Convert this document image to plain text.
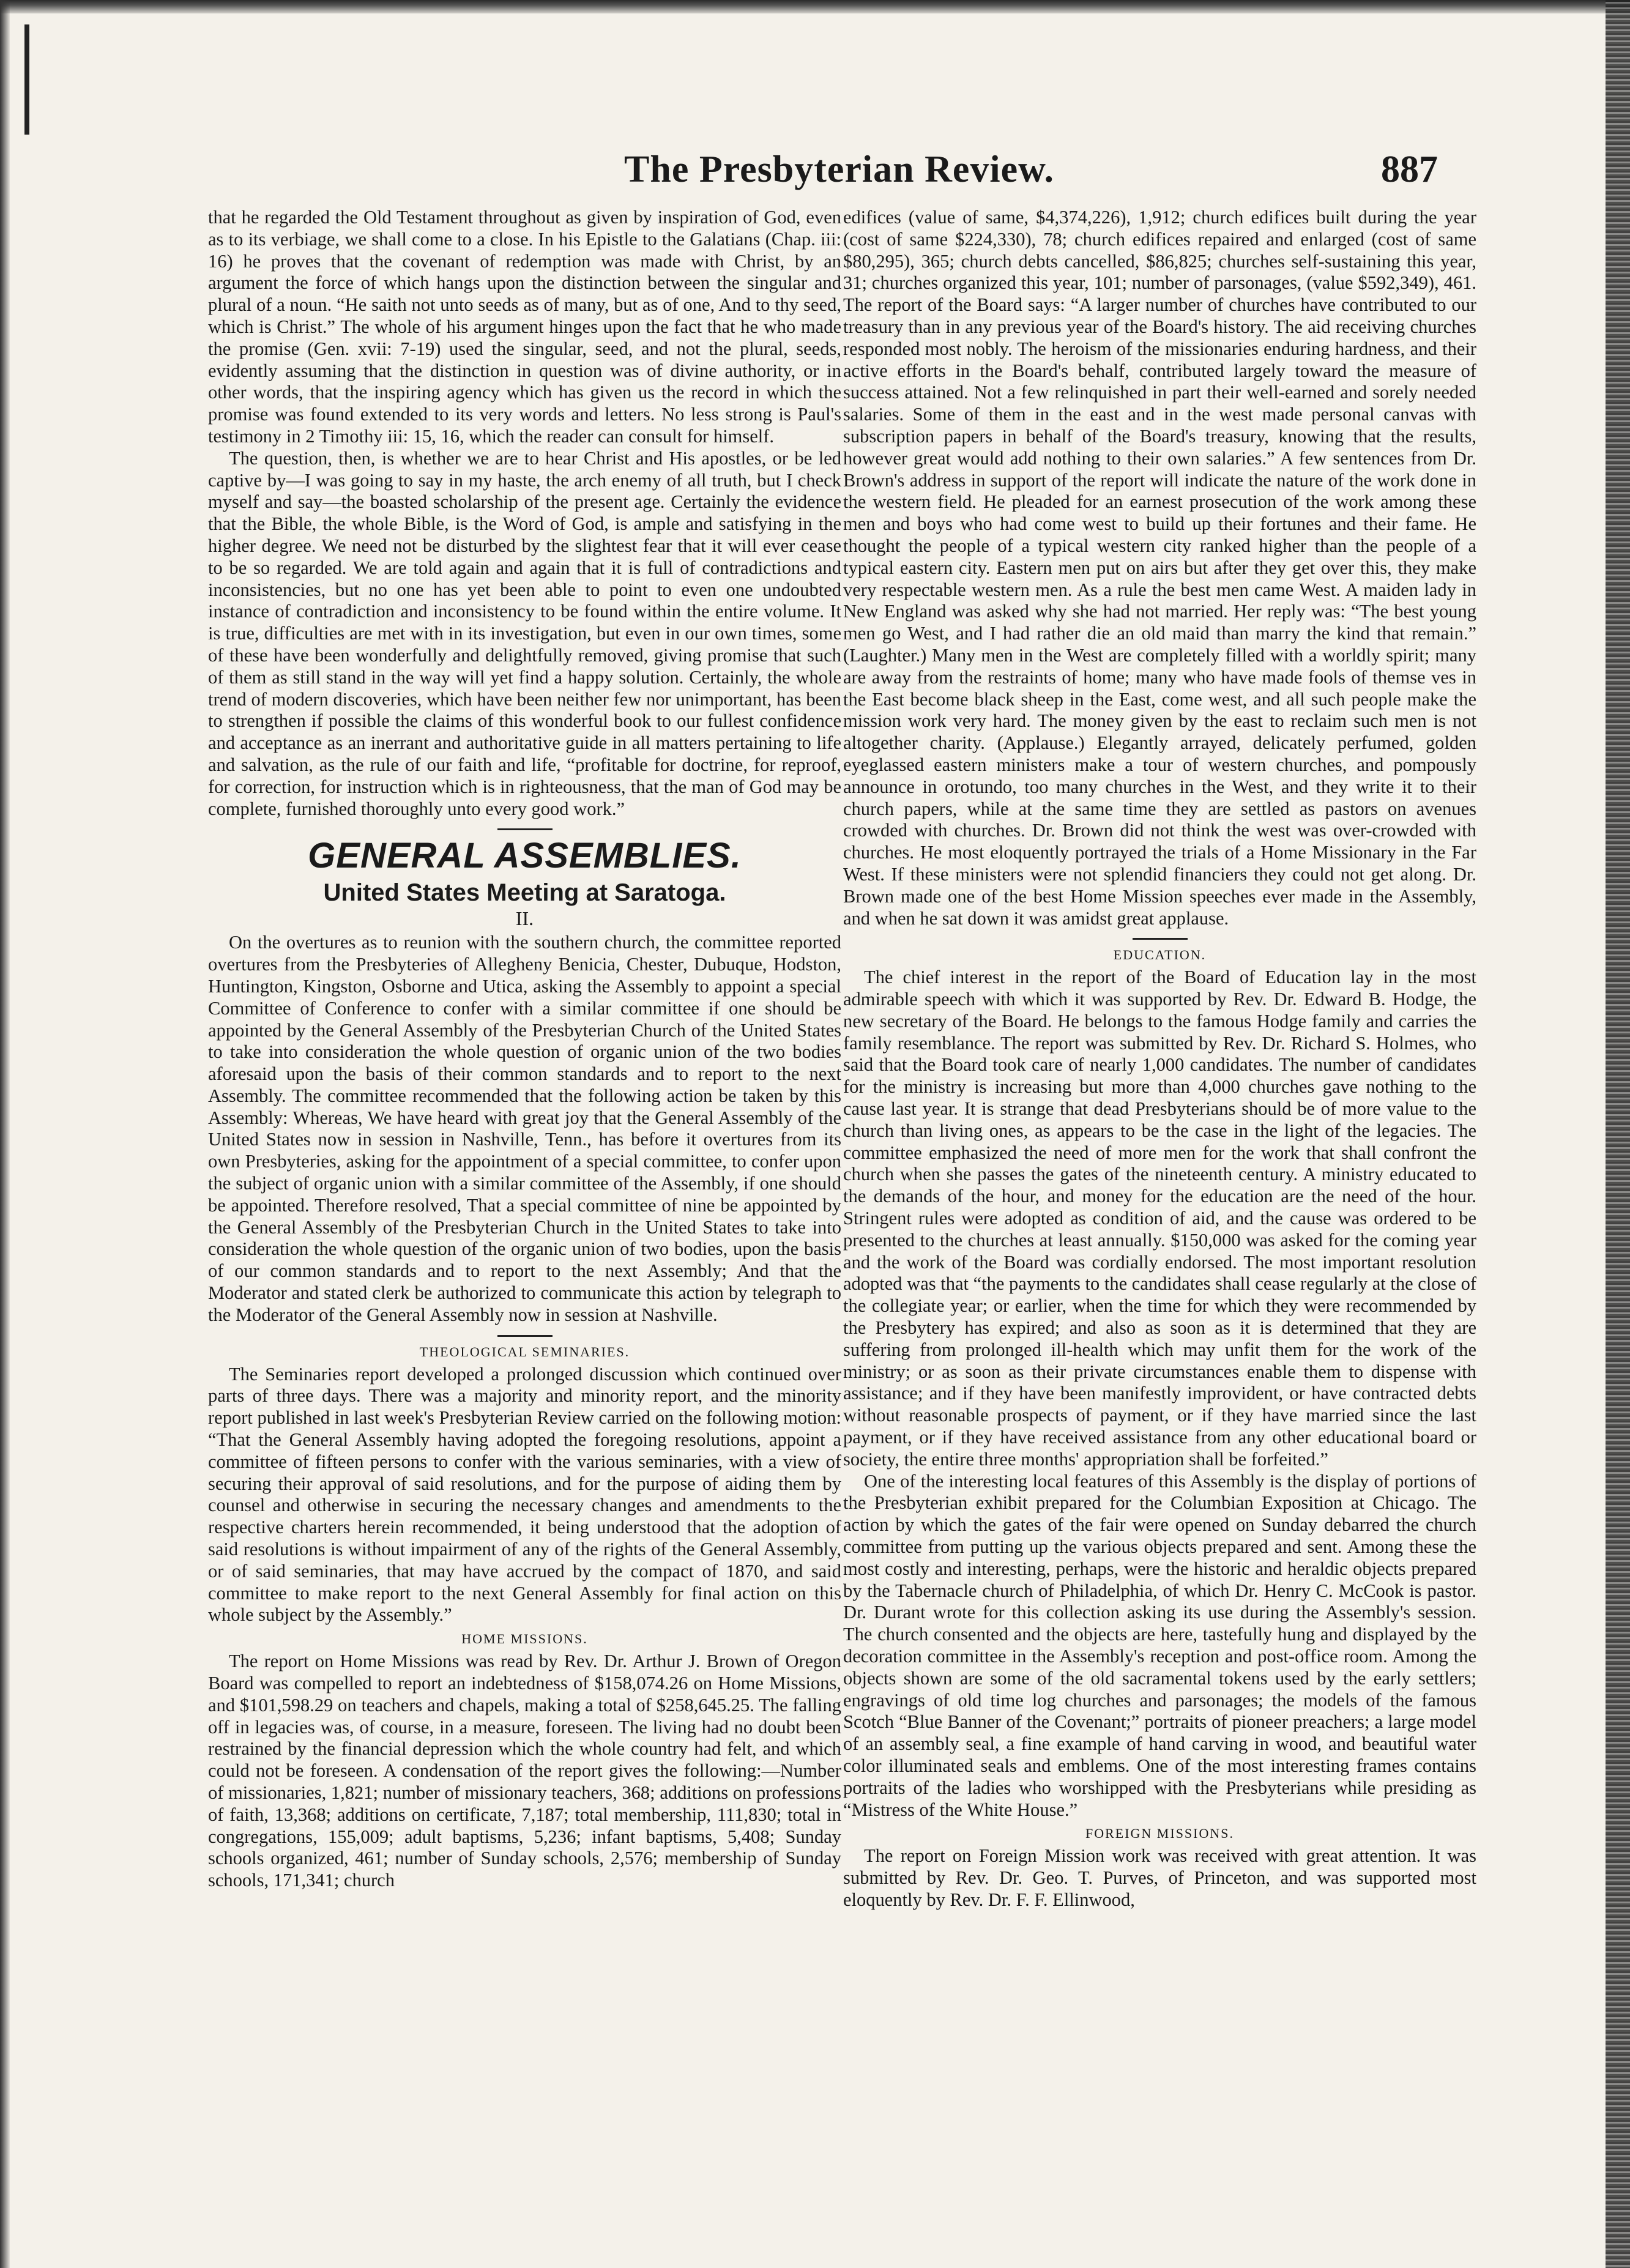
The Presbyterian Review.	887

that he regarded the Old Testament throughout as given by inspiration of God, even as to its verbiage, we shall come to a close. In his Epistle to the Galatians (Chap. iii: 16) he proves that the covenant of redemption was made with Christ, by an argument the force of which hangs upon the distinction between the singular and plural of a noun. “He saith not unto seeds as of many, but as of one, And to thy seed, which is Christ.” The whole of his argument hinges upon the fact that he who made the promise (Gen. xvii: 7-19) used the singular, seed, and not the plural, seeds, evidently assuming that the distinction in question was of divine authority, or in other words, that the inspiring agency which has given us the record in which the promise was found extended to its very words and letters. No less strong is Paul's testimony in 2 Timothy iii: 15, 16, which the reader can consult for himself.

The question, then, is whether we are to hear Christ and His apostles, or be led captive by—I was going to say in my haste, the arch enemy of all truth, but I check myself and say—the boasted scholarship of the present age. Certainly the evidence that the Bible, the whole Bible, is the Word of God, is ample and satisfying in the higher degree. We need not be disturbed by the slightest fear that it will ever cease to be so regarded. We are told again and again that it is full of contradictions and inconsistencies, but no one has yet been able to point to even one undoubted instance of contradiction and inconsistency to be found within the entire volume. It is true, difficulties are met with in its investigation, but even in our own times, some of these have been wonderfully and delightfully removed, giving promise that such of them as still stand in the way will yet find a happy solution. Certainly, the whole trend of modern discoveries, which have been neither few nor unimportant, has been to strengthen if possible the claims of this wonderful book to our fullest confidence and acceptance as an inerrant and authoritative guide in all matters pertaining to life and salvation, as the rule of our faith and life, “profitable for doctrine, for reproof, for correction, for instruction which is in righteousness, that the man of God may be complete, furnished thoroughly unto every good work.”

GENERAL ASSEMBLIES.
United States Meeting at Saratoga.
II.

On the overtures as to reunion with the southern church, the committee reported overtures from the Presbyteries of Allegheny Benicia, Chester, Dubuque, Hodston, Huntington, Kingston, Osborne and Utica, asking the Assembly to appoint a special Committee of Conference to confer with a similar committee if one should be appointed by the General Assembly of the Presbyterian Church of the United States to take into consideration the whole question of organic union of the two bodies aforesaid upon the basis of their common standards and to report to the next Assembly. The committee recommended that the following action be taken by this Assembly: Whereas, We have heard with great joy that the General Assembly of the United States now in session in Nashville, Tenn., has before it overtures from its own Presbyteries, asking for the appointment of a special committee, to confer upon the subject of organic union with a similar committee of the Assembly, if one should be appointed. Therefore resolved, That a special committee of nine be appointed by the General Assembly of the Presbyterian Church in the United States to take into consideration the whole question of the organic union of two bodies, upon the basis of our common standards and to report to the next Assembly; And that the Moderator and stated clerk be authorized to communicate this action by telegraph to the Moderator of the General Assembly now in session at Nashville.

THEOLOGICAL SEMINARIES.

The Seminaries report developed a prolonged discussion which continued over parts of three days. There was a majority and minority report, and the minority report published in last week's Presbyterian Review carried on the following motion: “That the General Assembly having adopted the foregoing resolutions, appoint a committee of fifteen persons to confer with the various seminaries, with a view of securing their approval of said resolutions, and for the purpose of aiding them by counsel and otherwise in securing the necessary changes and amendments to the respective charters herein recommended, it being understood that the adoption of said resolutions is without impairment of any of the rights of the General Assembly, or of said seminaries, that may have accrued by the compact of 1870, and said committee to make report to the next General Assembly for final action on this whole subject by the Assembly.”

HOME MISSIONS.

The report on Home Missions was read by Rev. Dr. Arthur J. Brown of Oregon Board was compelled to report an indebtedness of $158,074.26 on Home Missions, and $101,598.29 on teachers and chapels, making a total of $258,645.25. The falling off in legacies was, of course, in a measure, foreseen. The living had no doubt been restrained by the financial depression which the whole country had felt, and which could not be foreseen. A condensation of the report gives the following:—Number of missionaries, 1,821; number of missionary teachers, 368; additions on professions of faith, 13,368; additions on certificate, 7,187; total membership, 111,830; total in congregations, 155,009; adult baptisms, 5,236; infant baptisms, 5,408; Sunday schools organized, 461; number of Sunday schools, 2,576; membership of Sunday schools, 171,341; church

edifices (value of same, $4,374,226), 1,912; church edifices built during the year (cost of same $224,330), 78; church edifices repaired and enlarged (cost of same $80,295), 365; church debts cancelled, $86,825; churches self-sustaining this year, 31; churches organized this year, 101; number of parsonages, (value $592,349), 461. The report of the Board says: “A larger number of churches have contributed to our treasury than in any previous year of the Board's history. The aid receiving churches responded most nobly. The heroism of the missionaries enduring hardness, and their active efforts in the Board's behalf, contributed largely toward the measure of success attained. Not a few relinquished in part their well-earned and sorely needed salaries. Some of them in the east and in the west made personal canvas with subscription papers in behalf of the Board's treasury, knowing that the results, however great would add nothing to their own salaries.” A few sentences from Dr. Brown's address in support of the report will indicate the nature of the work done in the western field. He pleaded for an earnest prosecution of the work among these men and boys who had come west to build up their fortunes and their fame. He thought the people of a typical western city ranked higher than the people of a typical eastern city. Eastern men put on airs but after they get over this, they make very respectable western men. As a rule the best men came West. A maiden lady in New England was asked why she had not married. Her reply was: “The best young men go West, and I had rather die an old maid than marry the kind that remain.” (Laughter.) Many men in the West are completely filled with a worldly spirit; many are away from the restraints of home; many who have made fools of themse ves in the East become black sheep in the East, come west, and all such people make the mission work very hard. The money given by the east to reclaim such men is not altogether charity. (Applause.) Elegantly arrayed, delicately perfumed, golden eyeglassed eastern ministers make a tour of western churches, and pompously announce in orotundo, too many churches in the West, and they write it to their church papers, while at the same time they are settled as pastors on avenues crowded with churches. Dr. Brown did not think the west was over-crowded with churches. He most eloquently portrayed the trials of a Home Missionary in the Far West. If these ministers were not splendid financiers they could not get along. Dr. Brown made one of the best Home Mission speeches ever made in the Assembly, and when he sat down it was amidst great applause.

EDUCATION.

The chief interest in the report of the Board of Education lay in the most admirable speech with which it was supported by Rev. Dr. Edward B. Hodge, the new secretary of the Board. He belongs to the famous Hodge family and carries the family resemblance. The report was submitted by Rev. Dr. Richard S. Holmes, who said that the Board took care of nearly 1,000 candidates. The number of candidates for the ministry is increasing but more than 4,000 churches gave nothing to the cause last year. It is strange that dead Presbyterians should be of more value to the church than living ones, as appears to be the case in the light of the legacies. The committee emphasized the need of more men for the work that shall confront the church when she passes the gates of the nineteenth century. A ministry educated to the demands of the hour, and money for the education are the need of the hour. Stringent rules were adopted as condition of aid, and the cause was ordered to be presented to the churches at least annually. $150,000 was asked for the coming year and the work of the Board was cordially endorsed. The most important resolution adopted was that “the payments to the candidates shall cease regularly at the close of the collegiate year; or earlier, when the time for which they were recommended by the Presbytery has expired; and also as soon as it is determined that they are suffering from prolonged ill-health which may unfit them for the work of the ministry; or as soon as their private circumstances enable them to dispense with assistance; and if they have been manifestly improvident, or have contracted debts without reasonable prospects of payment, or if they have married since the last payment, or if they have received assistance from any other educational board or society, the entire three months' appropriation shall be forfeited.”

One of the interesting local features of this Assembly is the display of portions of the Presbyterian exhibit prepared for the Columbian Exposition at Chicago. The action by which the gates of the fair were opened on Sunday debarred the church committee from putting up the various objects prepared and sent. Among these the most costly and interesting, perhaps, were the historic and heraldic objects prepared by the Tabernacle church of Philadelphia, of which Dr. Henry C. McCook is pastor. Dr. Durant wrote for this collection asking its use during the Assembly's session. The church consented and the objects are here, tastefully hung and displayed by the decoration committee in the Assembly's reception and post-office room. Among the objects shown are some of the old sacramental tokens used by the early settlers; engravings of old time log churches and parsonages; the models of the famous Scotch “Blue Banner of the Covenant;” portraits of pioneer preachers; a large model of an assembly seal, a fine example of hand carving in wood, and beautiful water color illuminated seals and emblems. One of the most interesting frames contains portraits of the ladies who worshipped with the Presbyterians while presiding as “Mistress of the White House.”

FOREIGN MISSIONS.

The report on Foreign Mission work was received with great attention. It was submitted by Rev. Dr. Geo. T. Purves, of Princeton, and was supported most eloquently by Rev. Dr. F. F. Ellinwood,
